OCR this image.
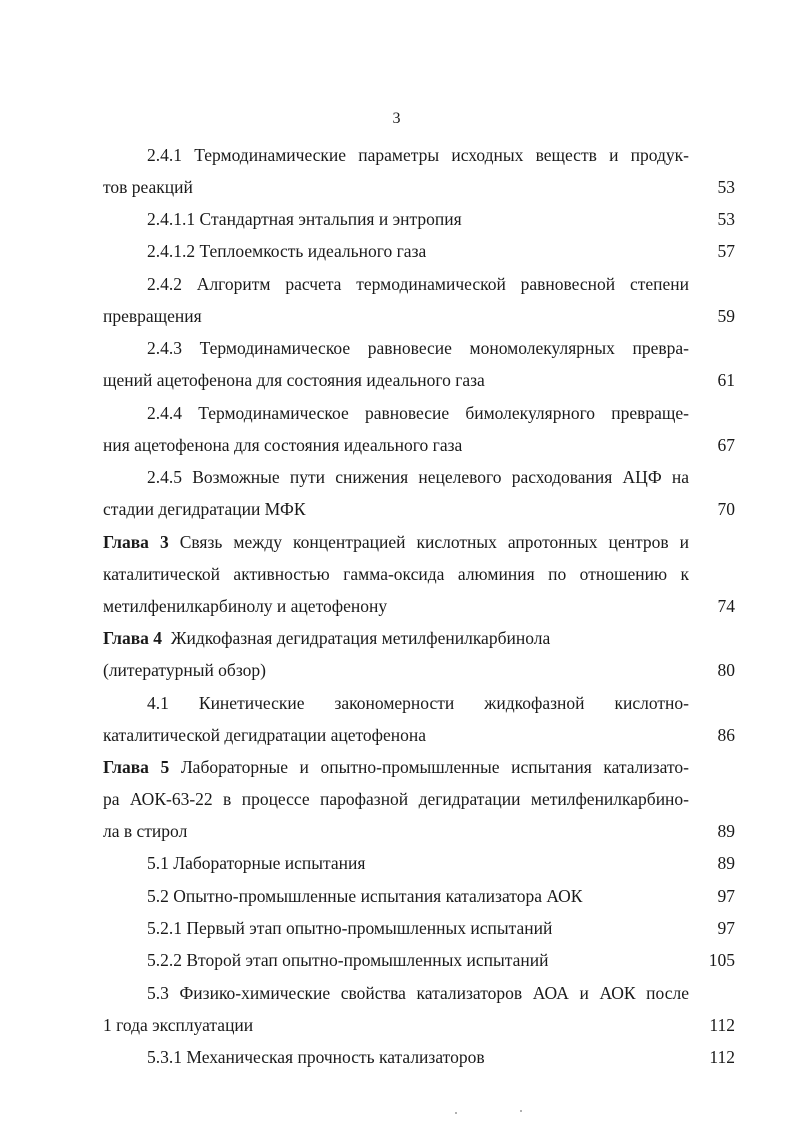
3
2.4.1 Термодинамические параметры исходных веществ и продук-
тов реакций	53
2.4.1.1 Стандартная энтальпия и энтропия	53
2.4.1.2 Теплоемкость идеального газа	57
2.4.2 Алгоритм расчета термодинамической равновесной степени
превращения	59
2.4.3 Термодинамическое равновесие мономолекулярных превра-
щений ацетофенона для состояния идеального газа	61
2.4.4 Термодинамическое равновесие бимолекулярного превраще-
ния ацетофенона для состояния идеального газа	67
2.4.5 Возможные пути снижения нецелевого расходования АЦФ на
стадии дегидратации МФК	70
Глава 3 Связь между концентрацией кислотных апротонных центров и
каталитической активностью гамма-оксида алюминия по отношению к
метилфенилкарбинолу и ацетофенону	74
Глава 4  Жидкофазная дегидратация метилфенилкарбинола
(литературный обзор)	80
4.1 Кинетические закономерности жидкофазной кислотно-
каталитической дегидратации ацетофенона	86
Глава 5 Лабораторные и опытно-промышленные испытания катализато-
ра АОК-63-22 в процессе парофазной дегидратации метилфенилкарбино-
ла в стирол	89
5.1 Лабораторные испытания	89
5.2 Опытно-промышленные испытания катализатора АОК	97
5.2.1 Первый этап опытно-промышленных испытаний	97
5.2.2 Второй этап опытно-промышленных испытаний	105
5.3 Физико-химические свойства катализаторов АОА и АОК после
1 года эксплуатации	112
5.3.1 Механическая прочность катализаторов	112
